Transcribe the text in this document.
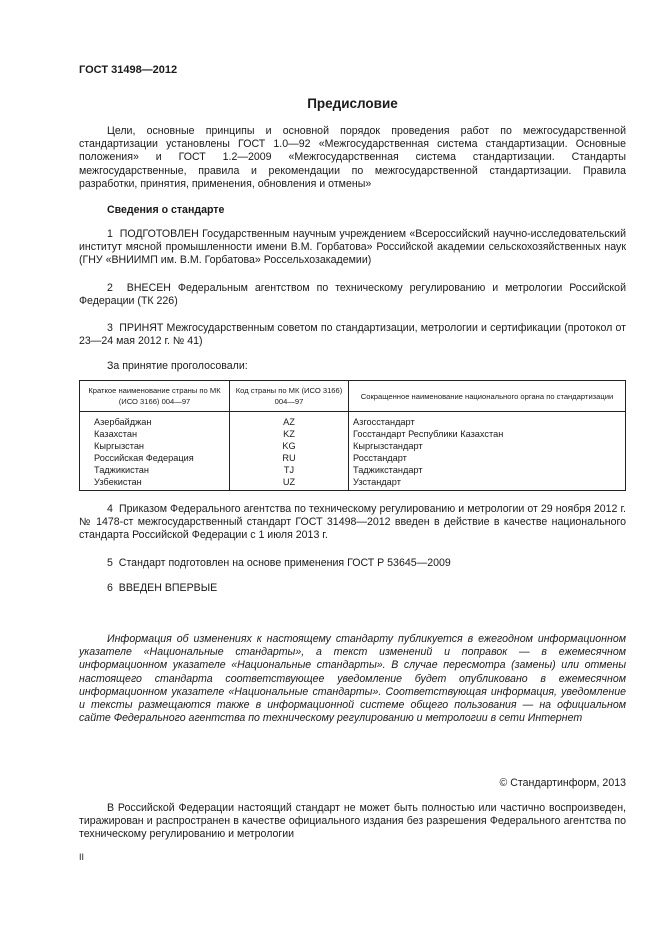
ГОСТ 31498—2012
Предисловие

Цели, основные принципы и основной порядок проведения работ по межгосударственной стандартизации установлены ГОСТ 1.0—92 «Межгосударственная система стандартизации. Основные положения» и ГОСТ 1.2—2009 «Межгосударственная система стандартизации. Стандарты межгосударственные, правила и рекомендации по межгосударственной стандартизации. Правила разработки, принятия, применения, обновления и отмены»

Сведения о стандарте

1 ПОДГОТОВЛЕН Государственным научным учреждением «Всероссийский научно-исследовательский институт мясной промышленности имени В.М. Горбатова» Российской академии сельскохозяйственных наук (ГНУ «ВНИИМП им. В.М. Горбатова» Россельхозакадемии)

2 ВНЕСЕН Федеральным агентством по техническому регулированию и метрологии Российской Федерации (ТК 226)

3 ПРИНЯТ Межгосударственным советом по стандартизации, метрологии и сертификации (протокол от 23—24 мая 2012 г. № 41)

За принятие проголосовали:

Краткое наименование страны по МК (ИСО 3166) 004—97	Код страны по МК (ИСО 3166) 004—97	Сокращенное наименование национального органа по стандартизации
Азербайджан	AZ	Азгосстандарт
Казахстан	KZ	Госстандарт Республики Казахстан
Кыргызстан	KG	Кыргызстандарт
Российская Федерация	RU	Росстандарт
Таджикистан	TJ	Таджикстандарт
Узбекистан	UZ	Узстандарт

4 Приказом Федерального агентства по техническому регулированию и метрологии от 29 ноября 2012 г. № 1478-ст межгосударственный стандарт ГОСТ 31498—2012 введен в действие в качестве национального стандарта Российской Федерации с 1 июля 2013 г.

5 Стандарт подготовлен на основе применения ГОСТ Р 53645—2009

6 ВВЕДЕН ВПЕРВЫЕ

Информация об изменениях к настоящему стандарту публикуется в ежегодном информационном указателе «Национальные стандарты», а текст изменений и поправок — в ежемесячном информационном указателе «Национальные стандарты». В случае пересмотра (замены) или отмены настоящего стандарта соответствующее уведомление будет опубликовано в ежемесячном информационном указателе «Национальные стандарты». Соответствующая информация, уведомление и тексты размещаются также в информационной системе общего пользования — на официальном сайте Федерального агентства по техническому регулированию и метрологии в сети Интернет

© Стандартинформ, 2013

В Российской Федерации настоящий стандарт не может быть полностью или частично воспроизведен, тиражирован и распространен в качестве официального издания без разрешения Федерального агентства по техническому регулированию и метрологии

II
